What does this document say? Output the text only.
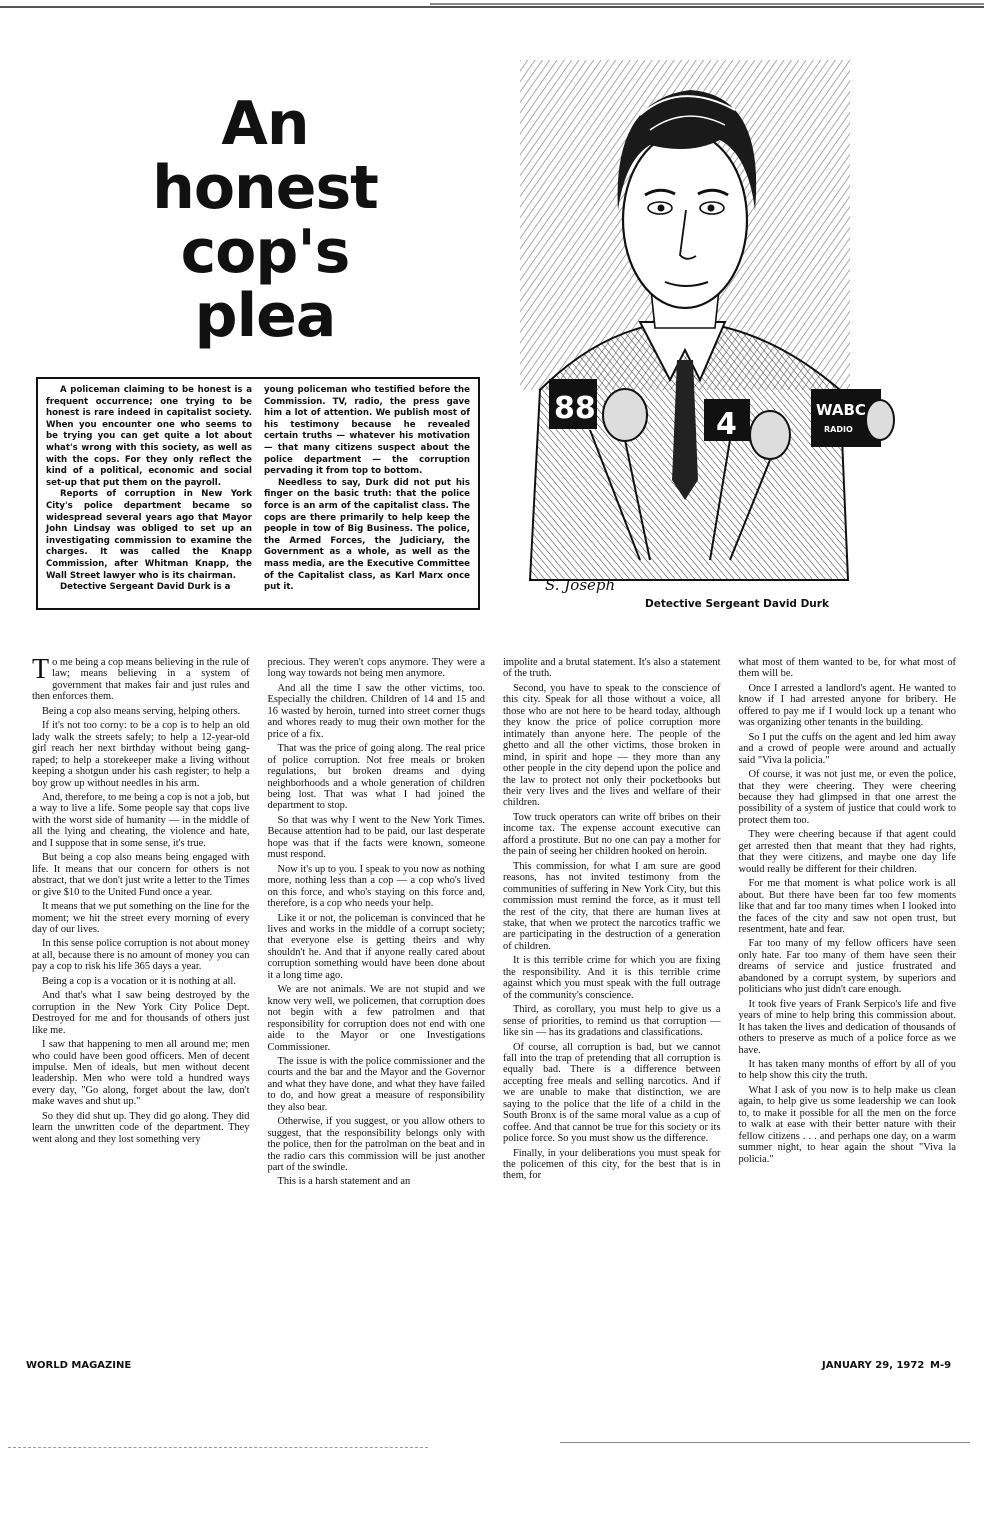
An
honest
cop's
plea

A policeman claiming to be honest is a frequent occurrence; one trying to be honest is rare indeed in capitalist society. When you encounter one who seems to be trying you can get quite a lot about what's wrong with this society, as well as with the cops. For they only reflect the kind of a political, economic and social set-up that put them on the payroll.

Reports of corruption in New York City's police department became so widespread several years ago that Mayor John Lindsay was obliged to set up an investigating commission to examine the charges. It was called the Knapp Commission, after Whitman Knapp, the Wall Street lawyer who is its chairman.

Detective Sergeant David Durk is a

young policeman who testified before the Commission. TV, radio, the press gave him a lot of attention. We publish most of his testimony because he revealed certain truths — whatever his motivation — that many citizens suspect about the police department — the corruption pervading it from top to bottom.

Needless to say, Durk did not put his finger on the basic truth: that the police force is an arm of the capitalist class. The cops are there primarily to help keep the people in tow of Big Business. The police, the Armed Forces, the Judiciary, the Government as a whole, as well as the mass media, are the Executive Committee of the Capitalist class, as Karl Marx once put it.

88	4	WABC
RADIO
S. Joseph
Detective Sergeant David Durk

To me being a cop means believing in the rule of law; means believing in a system of government that makes fair and just rules and then enforces them.

Being a cop also means serving, helping others.

If it's not too corny: to be a cop is to help an old lady walk the streets safely; to help a 12-year-old girl reach her next birthday without being gang-raped; to help a storekeeper make a living without keeping a shotgun under his cash register; to help a boy grow up without needles in his arm.

And, therefore, to me being a cop is not a job, but a way to live a life. Some people say that cops live with the worst side of humanity — in the middle of all the lying and cheating, the violence and hate, and I suppose that in some sense, it's true.

But being a cop also means being engaged with life. It means that our concern for others is not abstract, that we don't just write a letter to the Times or give $10 to the United Fund once a year.

It means that we put something on the line for the moment; we hit the street every morning of every day of our lives.

In this sense police corruption is not about money at all, because there is no amount of money you can pay a cop to risk his life 365 days a year.

Being a cop is a vocation or it is nothing at all.

And that's what I saw being destroyed by the corruption in the New York City Police Dept. Destroyed for me and for thousands of others just like me.

I saw that happening to men all around me; men who could have been good officers. Men of decent impulse. Men of ideals, but men without decent leadership. Men who were told a hundred ways every day, "Go along, forget about the law, don't make waves and shut up."

So they did shut up. They did go along. They did learn the unwritten code of the department. They went along and they lost something very

precious. They weren't cops anymore. They were a long way towards not being men anymore.

And all the time I saw the other victims, too. Especially the children. Children of 14 and 15 and 16 wasted by heroin, turned into street corner thugs and whores ready to mug their own mother for the price of a fix.

That was the price of going along. The real price of police corruption. Not free meals or broken regulations, but broken dreams and dying neighborhoods and a whole generation of children being lost. That was what I had joined the department to stop.

So that was why I went to the New York Times. Because attention had to be paid, our last desperate hope was that if the facts were known, someone must respond.

Now it's up to you. I speak to you now as nothing more, nothing less than a cop — a cop who's lived on this force, and who's staying on this force and, therefore, is a cop who needs your help.

Like it or not, the policeman is convinced that he lives and works in the middle of a corrupt society; that everyone else is getting theirs and why shouldn't he. And that if anyone really cared about corruption something would have been done about it a long time ago.

We are not animals. We are not stupid and we know very well, we policemen, that corruption does not begin with a few patrolmen and that responsibility for corruption does not end with one aide to the Mayor or one Investigations Commissioner.

The issue is with the police commissioner and the courts and the bar and the Mayor and the Governor and what they have done, and what they have failed to do, and how great a measure of responsibility they also bear.

Otherwise, if you suggest, or you allow others to suggest, that the responsibility belongs only with the police, then for the patrolman on the beat and in the radio cars this commission will be just another part of the swindle.

This is a harsh statement and an

impolite and a brutal statement. It's also a statement of the truth.

Second, you have to speak to the conscience of this city. Speak for all those without a voice, all those who are not here to be heard today, although they know the price of police corruption more intimately than anyone here. The people of the ghetto and all the other victims, those broken in mind, in spirit and hope — they more than any other people in the city depend upon the police and the law to protect not only their pocketbooks but their very lives and the lives and welfare of their children.

Tow truck operators can write off bribes on their income tax. The expense account executive can afford a prostitute. But no one can pay a mother for the pain of seeing her children hooked on heroin.

This commission, for what I am sure are good reasons, has not invited testimony from the communities of suffering in New York City, but this commission must remind the force, as it must tell the rest of the city, that there are human lives at stake, that when we protect the narcotics traffic we are participating in the destruction of a generation of children.

It is this terrible crime for which you are fixing the responsibility. And it is this terrible crime against which you must speak with the full outrage of the community's conscience.

Third, as corollary, you must help to give us a sense of priorities, to remind us that corruption — like sin — has its gradations and classifications.

Of course, all corruption is bad, but we cannot fall into the trap of pretending that all corruption is equally bad. There is a difference between accepting free meals and selling narcotics. And if we are unable to make that distinction, we are saying to the police that the life of a child in the South Bronx is of the same moral value as a cup of coffee. And that cannot be true for this society or its police force. So you must show us the difference.

Finally, in your deliberations you must speak for the policemen of this city, for the best that is in them, for

what most of them wanted to be, for what most of them will be.

Once I arrested a landlord's agent. He wanted to know if I had arrested anyone for bribery. He offered to pay me if I would lock up a tenant who was organizing other tenants in the building.

So I put the cuffs on the agent and led him away and a crowd of people were around and actually said "Viva la policia."

Of course, it was not just me, or even the police, that they were cheering. They were cheering because they had glimpsed in that one arrest the possibility of a system of justice that could work to protect them too.

They were cheering because if that agent could get arrested then that meant that they had rights, that they were citizens, and maybe one day life would really be different for their children.

For me that moment is what police work is all about. But there have been far too few moments like that and far too many times when I looked into the faces of the city and saw not open trust, but resentment, hate and fear.

Far too many of my fellow officers have seen only hate. Far too many of them have seen their dreams of service and justice frustrated and abandoned by a corrupt system, by superiors and politicians who just didn't care enough.

It took five years of Frank Serpico's life and five years of mine to help bring this commission about. It has taken the lives and dedication of thousands of others to preserve as much of a police force as we have.

It has taken many months of effort by all of you to help show this city the truth.

What I ask of you now is to help make us clean again, to help give us some leadership we can look to, to make it possible for all the men on the force to walk at ease with their better nature with their fellow citizens . . . and perhaps one day, on a warm summer night, to hear again the shout "Viva la policia."

WORLD MAGAZINE	JANUARY 29, 1972 M-9
